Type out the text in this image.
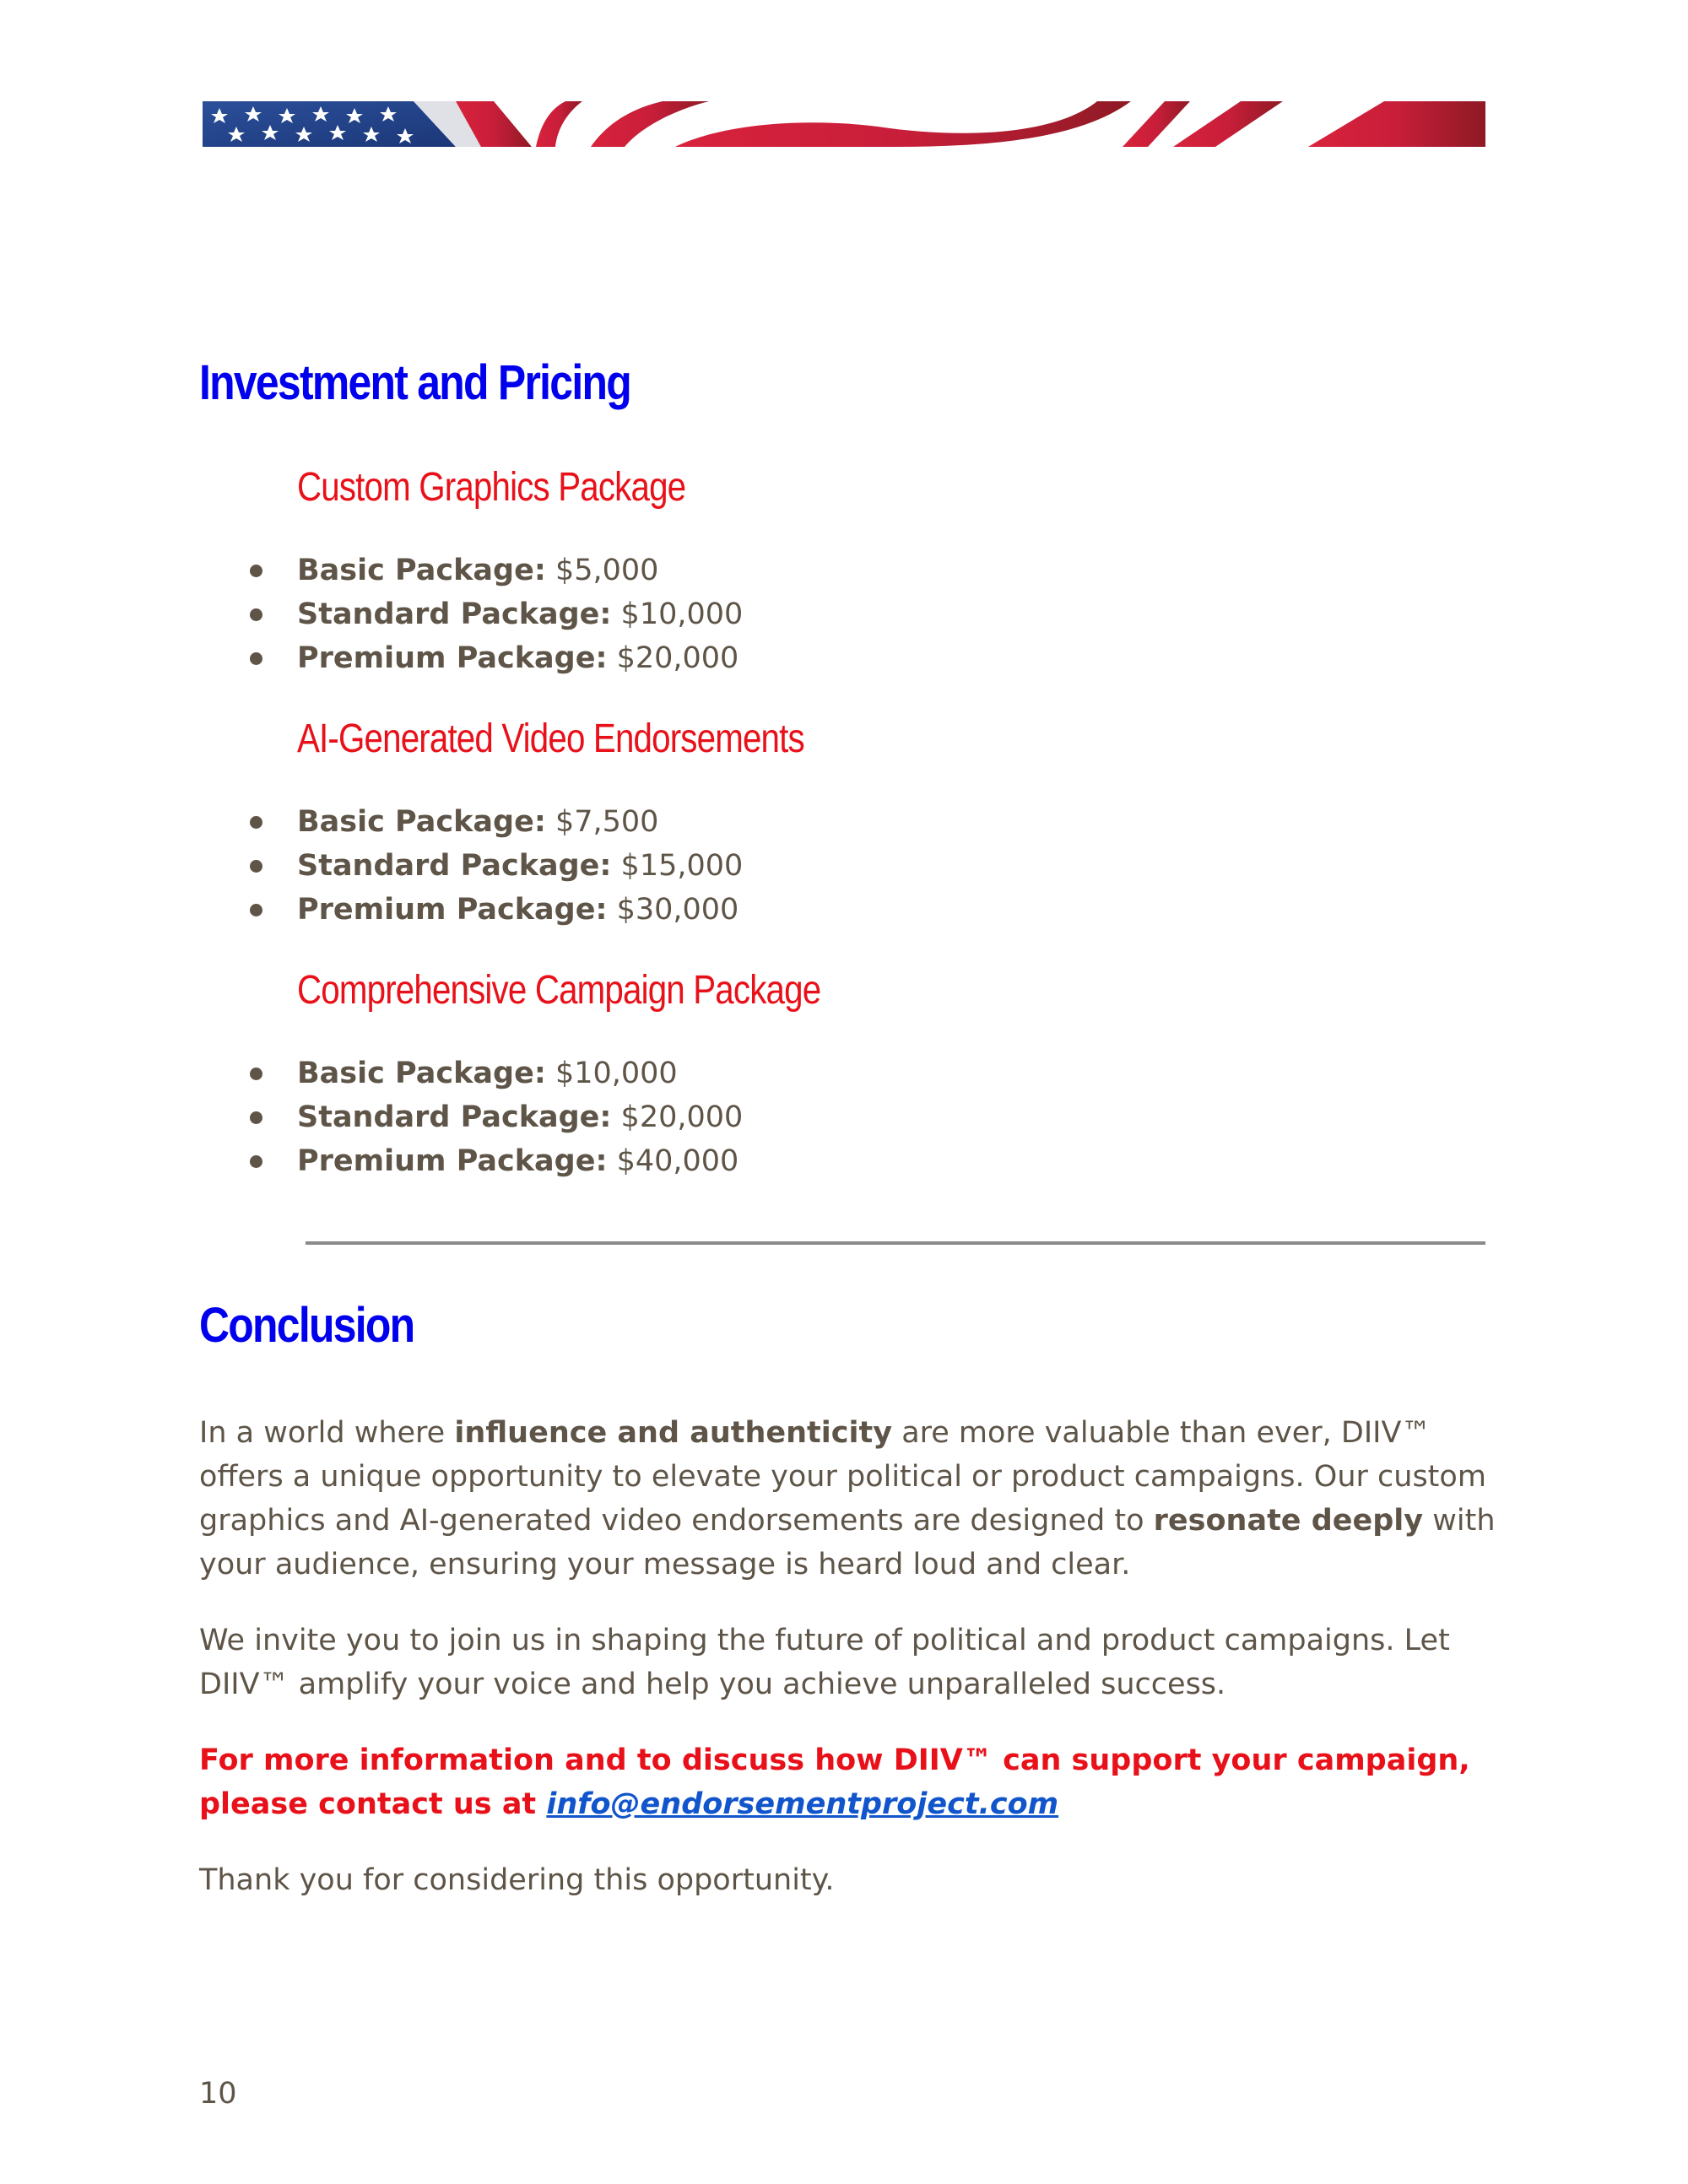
Investment and Pricing
Custom Graphics Package
Basic Package: $5,000
Standard Package: $10,000
Premium Package: $20,000
AI-Generated Video Endorsements
Basic Package: $7,500
Standard Package: $15,000
Premium Package: $30,000
Comprehensive Campaign Package
Basic Package: $10,000
Standard Package: $20,000
Premium Package: $40,000
Conclusion

In a world where influence and authenticity are more valuable than ever, DIIV™ offers a unique opportunity to elevate your political or product campaigns. Our custom graphics and AI-generated video endorsements are designed to resonate deeply with your audience, ensuring your message is heard loud and clear.

We invite you to join us in shaping the future of political and product campaigns. Let DIIV™ amplify your voice and help you achieve unparalleled success.

For more information and to discuss how DIIV™ can support your campaign, please contact us at info@endorsementproject.com

Thank you for considering this opportunity.

10
